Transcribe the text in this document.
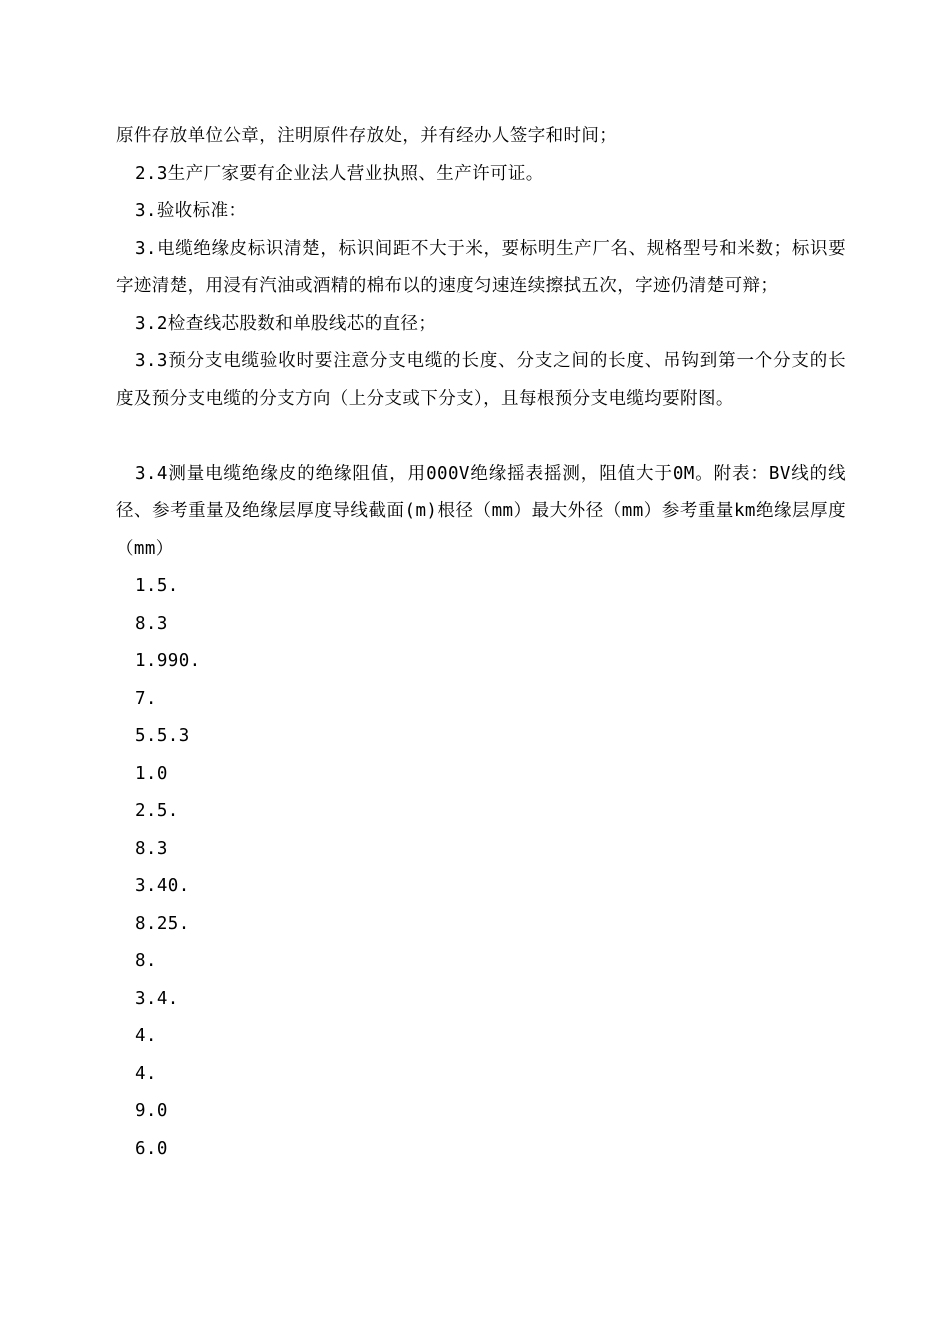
原件存放单位公章，注明原件存放处，并有经办人签字和时间；

2.3生产厂家要有企业法人营业执照、生产许可证。

3.验收标准：

3.电缆绝缘皮标识清楚，标识间距不大于米，要标明生产厂名、规格型号和米数；标识要字迹清楚，用浸有汽油或酒精的棉布以的速度匀速连续擦拭五次，字迹仍清楚可辩；

3.2检查线芯股数和单股线芯的直径；

3.3预分支电缆验收时要注意分支电缆的长度、分支之间的长度、吊钩到第一个分支的长度及预分支电缆的分支方向（上分支或下分支），且每根预分支电缆均要附图。

3.4测量电缆绝缘皮的绝缘阻值，用000V绝缘摇表摇测，阻值大于0M。附表：BV线的线径、参考重量及绝缘层厚度导线截面(m)根径（mm）最大外径（mm）参考重量km绝缘层厚度（mm）

1.5.
8.3
1.990.
7.
5.5.3
1.0
2.5.
8.3
3.40.
8.25.
8.
3.4.
4.
4.
9.0
6.0
